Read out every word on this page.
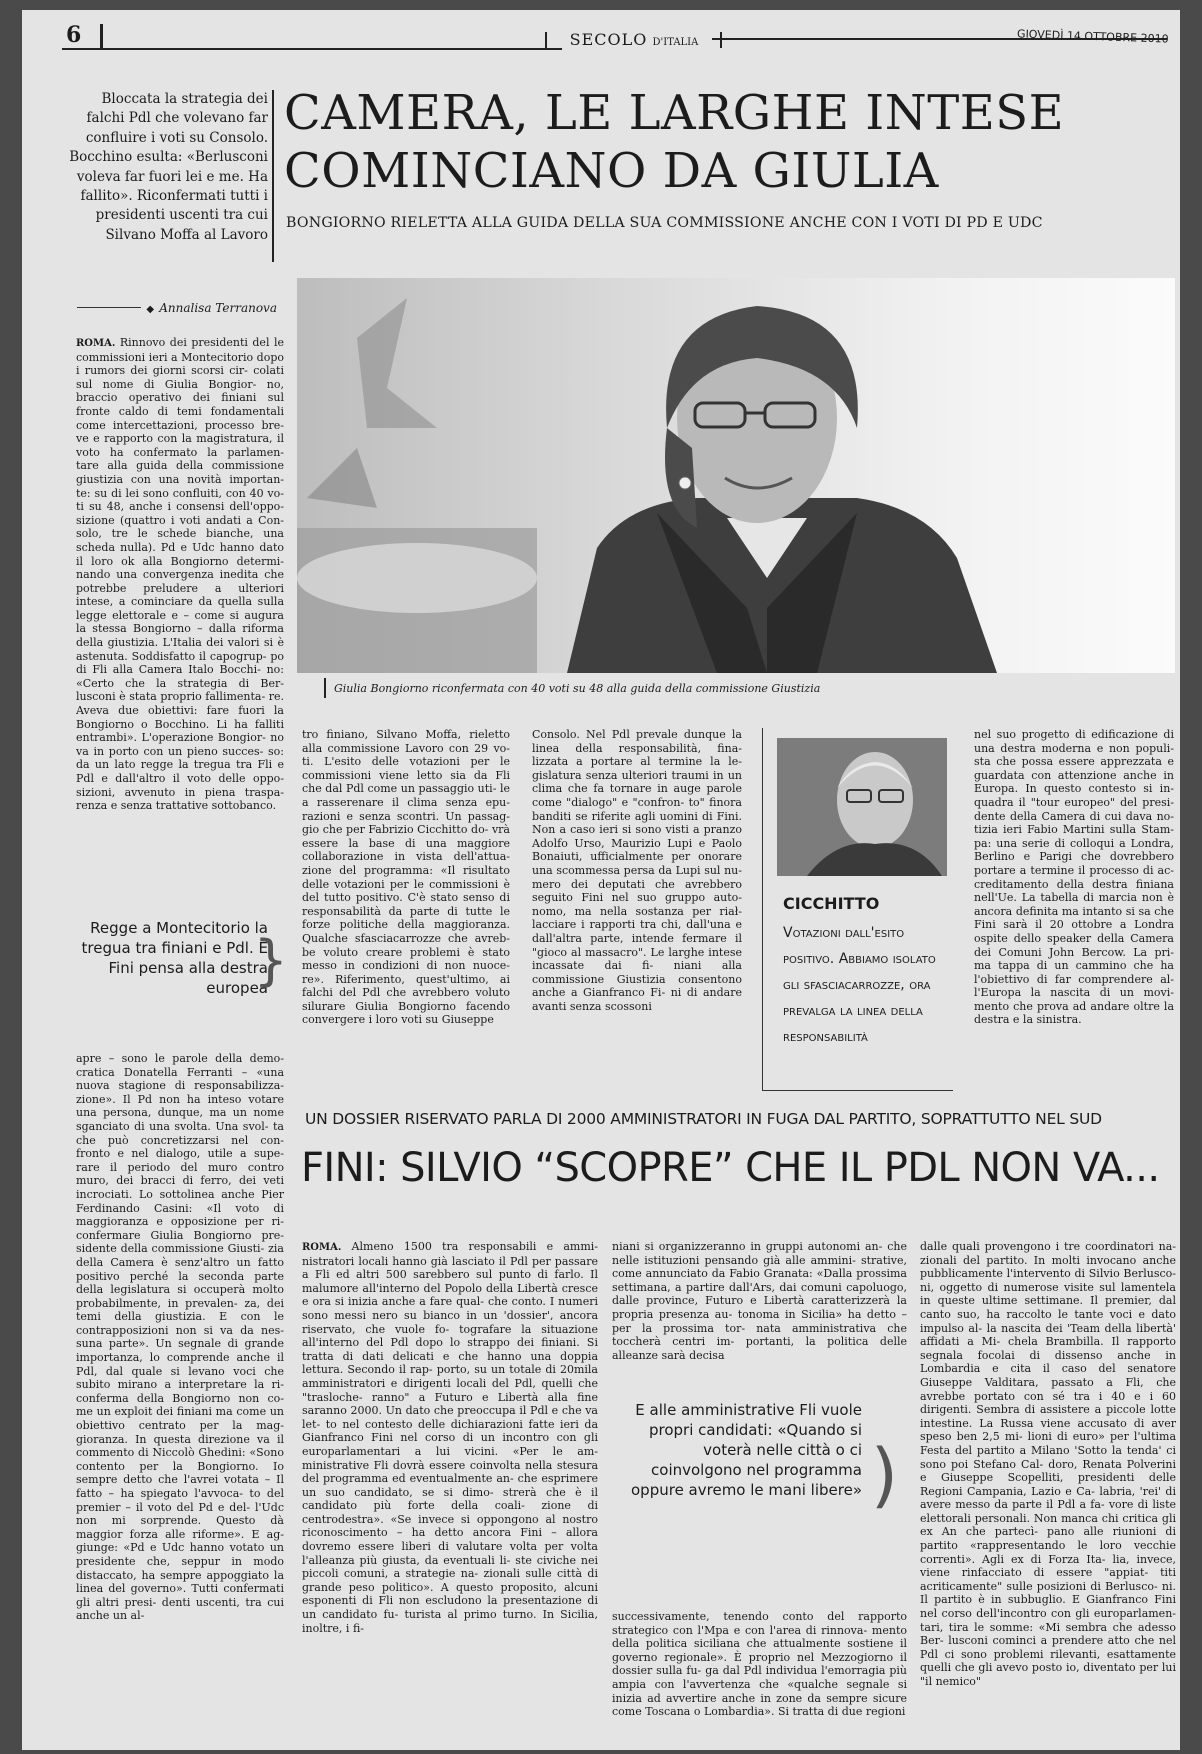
6	SECOLO D'ITALIA	GIOVEDÌ 14 OTTOBRE 2010
Bloccata la strategia dei falchi Pdl che volevano far confluire i voti su Consolo. Bocchino esulta: «Berlusconi voleva far fuori lei e me. Ha fallito». Riconfermati tutti i presidenti uscenti tra cui Silvano Moffa al Lavoro
◆ Annalisa Terranova
CAMERA, LE LARGHE INTESE
COMINCIANO DA GIULIA
BONGIORNO RIELETTA ALLA GUIDA DELLA SUA COMMISSIONE ANCHE CON I VOTI DI PD E UDC
Giulia Bongiorno riconfermata con 40 voti su 48 alla guida della commissione Giustizia
ROMA. Rinnovo dei presidenti del le commissioni ieri a Montecitorio dopo i rumors dei giorni scorsi cir- colati sul nome di Giulia Bongior- no, braccio operativo dei finiani sul fronte caldo di temi fondamentali come intercettazioni, processo bre- ve e rapporto con la magistratura, il voto ha confermato la parlamen- tare alla guida della commissione giustizia con una novità importan- te: su di lei sono confluiti, con 40 vo- ti su 48, anche i consensi dell'oppo- sizione (quattro i voti andati a Con- solo, tre le schede bianche, una scheda nulla). Pd e Udc hanno dato il loro ok alla Bongiorno determi- nando una convergenza inedita che potrebbe preludere a ulteriori intese, a cominciare da quella sulla legge elettorale e – come si augura la stessa Bongiorno – dalla riforma della giustizia. L'Italia dei valori si è astenuta. Soddisfatto il capogrup- po di Fli alla Camera Italo Bocchi- no: «Certo che la strategia di Ber- lusconi è stata proprio fallimenta- re. Aveva due obiettivi: fare fuori la Bongiorno o Bocchino. Li ha falliti entrambi». L'operazione Bongior- no va in porto con un pieno succes- so: da un lato regge la tregua tra Fli e Pdl e dall'altro il voto delle oppo- sizioni, avvenuto in piena traspa- renza e senza trattative sottobanco.
Regge a Montecitorio la tregua tra finiani e Pdl. E Fini pensa alla destra europea
}
apre – sono le parole della demo- cratica Donatella Ferranti – «una nuova stagione di responsabilizza- zione». Il Pd non ha inteso votare una persona, dunque, ma un nome sganciato di una svolta. Una svol- ta che può concretizzarsi nel con- fronto e nel dialogo, utile a supe- rare il periodo del muro contro muro, dei bracci di ferro, dei veti incrociati. Lo sottolinea anche Pier Ferdinando Casini: «Il voto di maggioranza e opposizione per ri- confermare Giulia Bongiorno pre- sidente della commissione Giusti- zia della Camera è senz'altro un fatto positivo perché la seconda parte della legislatura si occuperà molto probabilmente, in prevalen- za, dei temi della giustizia. E con le contrapposizioni non si va da nes- suna parte». Un segnale di grande importanza, lo comprende anche il Pdl, dal quale si levano voci che subito mirano a interpretare la ri- conferma della Bongiorno non co- me un exploit dei finiani ma come un obiettivo centrato per la mag- gioranza. In questa direzione va il commento di Niccolò Ghedini: «Sono contento per la Bongiorno. Io sempre detto che l'avrei votata – Il fatto – ha spiegato l'avvoca- to del premier – il voto del Pd e del- l'Udc non mi sorprende. Questo dà maggior forza alle riforme». E ag- giunge: «Pd e Udc hanno votato un presidente che, seppur in modo distaccato, ha sempre appoggiato la linea del governo». Tutti confermati gli altri presi- denti uscenti, tra cui anche un al-
tro finiano, Silvano Moffa, rieletto alla commissione Lavoro con 29 vo- ti. L'esito delle votazioni per le commissioni viene letto sia da Fli che dal Pdl come un passaggio uti- le a rasserenare il clima senza epu- razioni e senza scontri. Un passag- gio che per Fabrizio Cicchitto do- vrà essere la base di una maggiore collaborazione in vista dell'attua- zione del programma: «Il risultato delle votazioni per le commissioni è del tutto positivo. C'è stato senso di responsabilità da parte di tutte le forze politiche della maggioranza. Qualche sfasciacarrozze che avreb- be voluto creare problemi è stato messo in condizioni di non nuoce- re». Riferimento, quest'ultimo, ai falchi del Pdl che avrebbero voluto silurare Giulia Bongiorno facendo convergere i loro voti su Giuseppe
Consolo. Nel Pdl prevale dunque la linea della responsabilità, fina- lizzata a portare al termine la le- gislatura senza ulteriori traumi in un clima che fa tornare in auge parole come "dialogo" e "confron- to" finora banditi se riferite agli uomini di Fini. Non a caso ieri si sono visti a pranzo Adolfo Urso, Maurizio Lupi e Paolo Bonaiuti, ufficialmente per onorare una scommessa persa da Lupi sul nu- mero dei deputati che avrebbero seguito Fini nel suo gruppo auto- nomo, ma nella sostanza per riał- lacciare i rapporti tra chi, dall'una e dall'altra parte, intende fermare il "gioco al massacro". Le larghe intese incassate dai fi- niani alla commissione Giustizia consentono anche a Gianfranco Fi- ni di andare avanti senza scossoni
CICCHITTO
Votazioni dall'esito positivo. Abbiamo isolato gli sfasciacarrozze, ora prevalga la linea della responsabilità
nel suo progetto di edificazione di una destra moderna e non populi- sta che possa essere apprezzata e guardata con attenzione anche in Europa. In questo contesto si in- quadra il "tour europeo" del presi- dente della Camera di cui dava no- tizia ieri Fabio Martini sulla Stam- pa: una serie di colloqui a Londra, Berlino e Parigi che dovrebbero portare a termine il processo di ac- creditamento della destra finiana nell'Ue. La tabella di marcia non è ancora definita ma intanto si sa che Fini sarà il 20 ottobre a Londra ospite dello speaker della Camera dei Comuni John Bercow. La pri- ma tappa di un cammino che ha l'obiettivo di far comprendere al- l'Europa la nascita di un movi- mento che prova ad andare oltre la destra e la sinistra.
UN DOSSIER RISERVATO PARLA DI 2000 AMMINISTRATORI IN FUGA DAL PARTITO, SOPRATTUTTO NEL SUD
FINI: SILVIO “SCOPRE” CHE IL PDL NON VA...
ROMA. Almeno 1500 tra responsabili e ammi- nistratori locali hanno già lasciato il Pdl per passare a Fli ed altri 500 sarebbero sul punto di farlo. Il malumore all'interno del Popolo della Libertà cresce e ora si inizia anche a fare qual- che conto. I numeri sono messi nero su bianco in un 'dossier', ancora riservato, che vuole fo- tografare la situazione all'interno del Pdl dopo lo strappo dei finiani. Si tratta di dati delicati e che hanno una doppia lettura. Secondo il rap- porto, su un totale di 20mila amministratori e dirigenti locali del Pdl, quelli che "trasloche- ranno" a Futuro e Libertà alla fine saranno 2000. Un dato che preoccupa il Pdl e che va let- to nel contesto delle dichiarazioni fatte ieri da Gianfranco Fini nel corso di un incontro con gli europarlamentari a lui vicini. «Per le am- ministrative Fli dovrà essere coinvolta nella stesura del programma ed eventualmente an- che esprimere un suo candidato, se si dimo- strerà che è il candidato più forte della coali- zione di centrodestra». «Se invece si oppongono al nostro riconoscimento – ha detto ancora Fini – allora dovremo essere liberi di valutare volta per volta l'alleanza più giusta, da eventuali li- ste civiche nei piccoli comuni, a strategie na- zionali sulle città di grande peso politico». A questo proposito, alcuni esponenti di Fli non escludono la presentazione di un candidato fu- turista al primo turno. In Sicilia, inoltre, i fi-
niani si organizzeranno in gruppi autonomi an- che nelle istituzioni pensando già alle ammini- strative, come annunciato da Fabio Granata: «Dalla prossima settimana, a partire dall'Ars, dai comuni capoluogo, dalle province, Futuro e Libertà caratterizzerà la propria presenza au- tonoma in Sicilia» ha detto – per la prossima tor- nata amministrativa che toccherà centri im- portanti, la politica delle alleanze sarà decisa
E alle amministrative Fli vuole propri candidati: «Quando si voterà nelle città o ci coinvolgono nel programma oppure avremo le mani libere» )
successivamente, tenendo conto del rapporto strategico con l'Mpa e con l'area di rinnova- mento della politica siciliana che attualmente sostiene il governo regionale». È proprio nel Mezzogiorno il dossier sulla fu- ga dal Pdl individua l'emorragia più ampia con l'avvertenza che «qualche segnale si inizia ad avvertire anche in zone da sempre sicure come Toscana o Lombardia». Si tratta di due regioni
dalle quali provengono i tre coordinatori na- zionali del partito. In molti invocano anche pubblicamente l'intervento di Silvio Berlusco- ni, oggetto di numerose visite sul lamentela in queste ultime settimane. Il premier, dal canto suo, ha raccolto le tante voci e dato impulso al- la nascita dei 'Team della libertà' affidati a Mi- chela Brambilla. Il rapporto segnala focolai di dissenso anche in Lombardia e cita il caso del senatore Giuseppe Valditara, passato a Fli, che avrebbe portato con sé tra i 40 e i 60 dirigenti. Sembra di assistere a piccole lotte intestine. La Russa viene accusato di aver speso ben 2,5 mi- lioni di euro» per l'ultima Festa del partito a Milano 'Sotto la tenda' ci sono poi Stefano Cal- doro, Renata Polverini e Giuseppe Scopelliti, presidenti delle Regioni Campania, Lazio e Ca- labria, 'rei' di avere messo da parte il Pdl a fa- vore di liste elettorali personali. Non manca chi critica gli ex An che partecì- pano alle riunioni di partito «rappresentando le loro vecchie correnti». Agli ex di Forza Ita- lia, invece, viene rinfacciato di essere "appiat- titi acriticamente" sulle posizioni di Berlusco- ni. Il partito è in subbuglio. E Gianfranco Fini nel corso dell'incontro con gli europarlamen- tari, tira le somme: «Mi sembra che adesso Ber- lusconi cominci a prendere atto che nel Pdl ci sono problemi rilevanti, esattamente quelli che gli avevo posto io, diventato per lui "il nemico"
